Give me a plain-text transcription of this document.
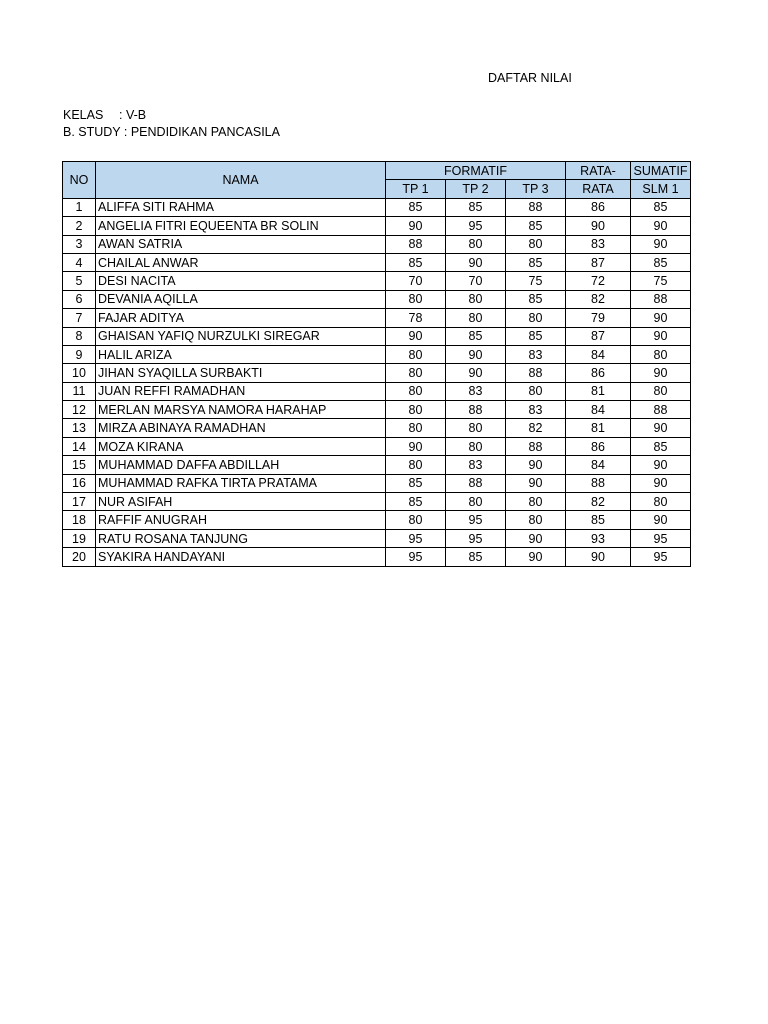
DAFTAR NILAI
KELAS : V-B
B. STUDY : PENDIDIKAN PANCASILA
NO	NAMA	FORMATIF			RATA-	SUMATIF
		TP 1	TP 2	TP 3	RATA	SLM 1
1	ALIFFA SITI RAHMA	85	85	88	86	85
2	ANGELIA FITRI EQUEENTA BR SOLIN	90	95	85	90	90
3	AWAN SATRIA	88	80	80	83	90
4	CHAILAL ANWAR	85	90	85	87	85
5	DESI NACITA	70	70	75	72	75
6	DEVANIA AQILLA	80	80	85	82	88
7	FAJAR ADITYA	78	80	80	79	90
8	GHAISAN YAFIQ NURZULKI SIREGAR	90	85	85	87	90
9	HALIL ARIZA	80	90	83	84	80
10	JIHAN SYAQILLA SURBAKTI	80	90	88	86	90
11	JUAN REFFI RAMADHAN	80	83	80	81	80
12	MERLAN MARSYA NAMORA HARAHAP	80	88	83	84	88
13	MIRZA ABINAYA RAMADHAN	80	80	82	81	90
14	MOZA KIRANA	90	80	88	86	85
15	MUHAMMAD DAFFA ABDILLAH	80	83	90	84	90
16	MUHAMMAD RAFKA TIRTA PRATAMA	85	88	90	88	90
17	NUR ASIFAH	85	80	80	82	80
18	RAFFIF ANUGRAH	80	95	80	85	90
19	RATU ROSANA TANJUNG	95	95	90	93	95
20	SYAKIRA HANDAYANI	95	85	90	90	95
